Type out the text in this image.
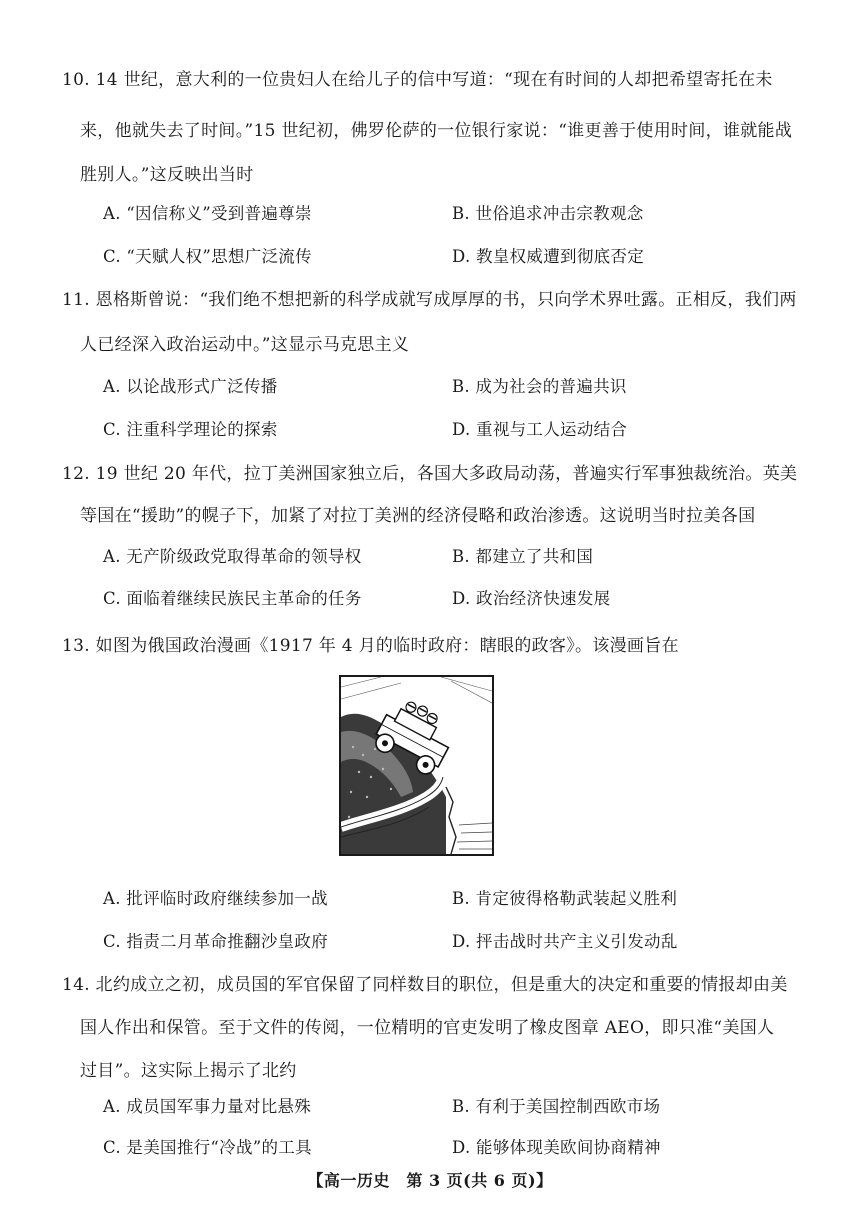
10. 14 世纪，意大利的一位贵妇人在给儿子的信中写道：“现在有时间的人却把希望寄托在未
来，他就失去了时间。”15 世纪初，佛罗伦萨的一位银行家说：“谁更善于使用时间，谁就能战
胜别人。”这反映出当时
A. “因信称义”受到普遍尊崇	B. 世俗追求冲击宗教观念
C. “天赋人权”思想广泛流传	D. 教皇权威遭到彻底否定
11. 恩格斯曾说：“我们绝不想把新的科学成就写成厚厚的书，只向学术界吐露。正相反，我们两
人已经深入政治运动中。”这显示马克思主义
A. 以论战形式广泛传播	B. 成为社会的普遍共识
C. 注重科学理论的探索	D. 重视与工人运动结合
12. 19 世纪 20 年代，拉丁美洲国家独立后，各国大多政局动荡，普遍实行军事独裁统治。英美
等国在“援助”的幌子下，加紧了对拉丁美洲的经济侵略和政治渗透。这说明当时拉美各国
A. 无产阶级政党取得革命的领导权	B. 都建立了共和国
C. 面临着继续民族民主革命的任务	D. 政治经济快速发展
13. 如图为俄国政治漫画《1917 年 4 月的临时政府：瞎眼的政客》。该漫画旨在
A. 批评临时政府继续参加一战	B. 肯定彼得格勒武装起义胜利
C. 指责二月革命推翻沙皇政府	D. 抨击战时共产主义引发动乱
14. 北约成立之初，成员国的军官保留了同样数目的职位，但是重大的决定和重要的情报却由美
国人作出和保管。至于文件的传阅，一位精明的官吏发明了橡皮图章 AEO，即只准“美国人
过目”。这实际上揭示了北约
A. 成员国军事力量对比悬殊	B. 有利于美国控制西欧市场
C. 是美国推行“冷战”的工具	D. 能够体现美欧间协商精神
【高一历史　第 3 页(共 6 页)】
